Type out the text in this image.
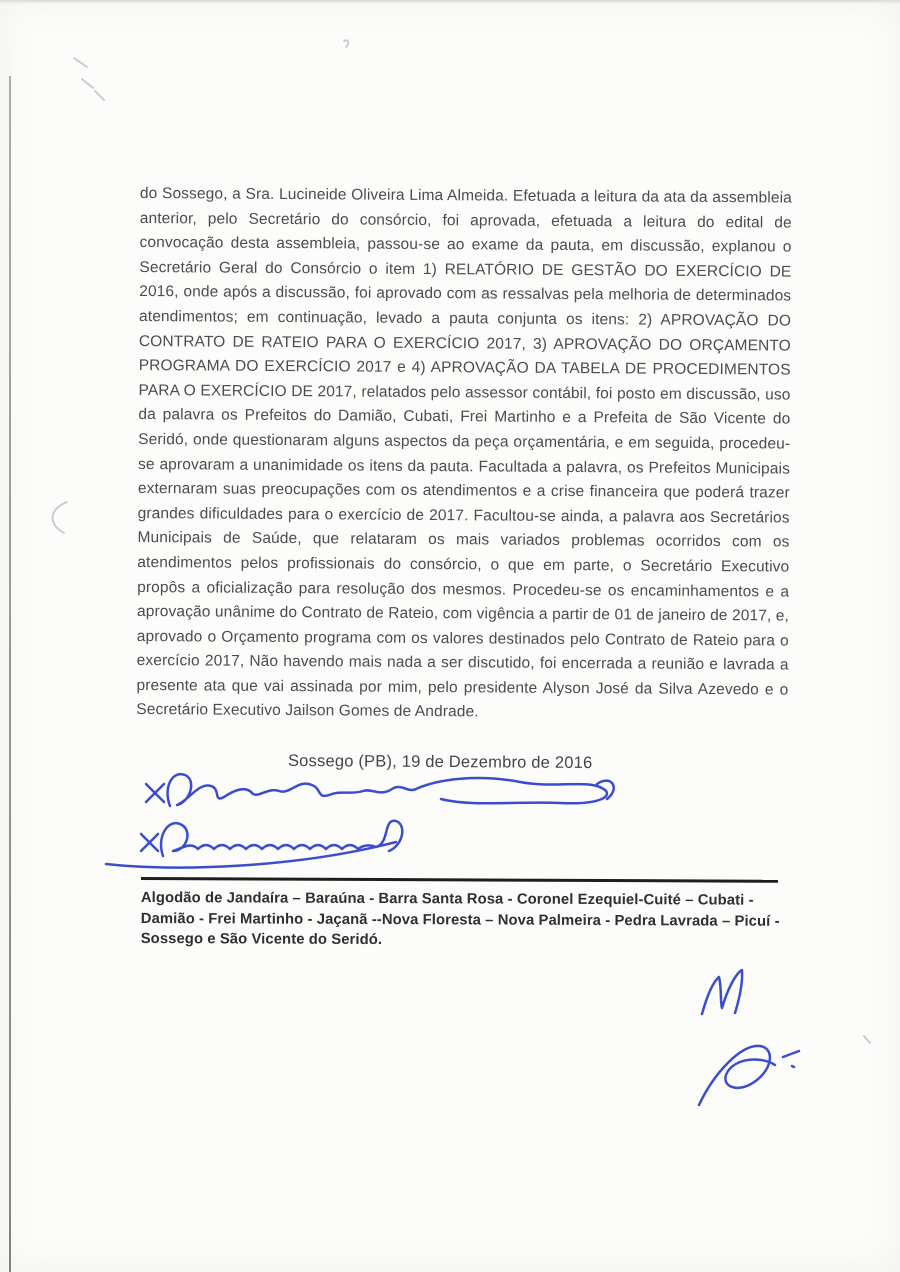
do Sossego, a Sra. Lucineide Oliveira Lima Almeida. Efetuada a leitura da ata da assembleia anterior, pelo Secretário do consórcio, foi aprovada, efetuada a leitura do edital de convocação desta assembleia, passou-se ao exame da pauta, em discussão, explanou o Secretário Geral do Consórcio o item 1) RELATÓRIO DE GESTÃO DO EXERCÍCIO DE 2016, onde após a discussão, foi aprovado com as ressalvas pela melhoria de determinados atendimentos; em continuação, levado a pauta conjunta os itens: 2) APROVAÇÃO DO CONTRATO DE RATEIO PARA O EXERCÍCIO 2017, 3) APROVAÇÃO DO ORÇAMENTO PROGRAMA DO EXERCÍCIO 2017 e 4) APROVAÇÃO DA TABELA DE PROCEDIMENTOS PARA O EXERCÍCIO DE 2017, relatados pelo assessor contábil, foi posto em discussão, uso da palavra os Prefeitos do Damião, Cubati, Frei Martinho e a Prefeita de São Vicente do Seridó, onde questionaram alguns aspectos da peça orçamentária, e em seguida, procedeu-se aprovaram a unanimidade os itens da pauta. Facultada a palavra, os Prefeitos Municipais externaram suas preocupações com os atendimentos e a crise financeira que poderá trazer grandes dificuldades para o exercício de 2017. Facultou-se ainda, a palavra aos Secretários Municipais de Saúde, que relataram os mais variados problemas ocorridos com os atendimentos pelos profissionais do consórcio, o que em parte, o Secretário Executivo propôs a oficialização para resolução dos mesmos. Procedeu-se os encaminhamentos e a aprovação unânime do Contrato de Rateio, com vigência a partir de 01 de janeiro de 2017, e, aprovado o Orçamento programa com os valores destinados pelo Contrato de Rateio para o exercício 2017, Não havendo mais nada a ser discutido, foi encerrada a reunião e lavrada a presente ata que vai assinada por mim, pelo presidente Alyson José da Silva Azevedo e o Secretário Executivo Jailson Gomes de Andrade.

Sossego (PB), 19 de Dezembro de 2016
Algodão de Jandaíra – Baraúna - Barra Santa Rosa - Coronel Ezequiel-Cuité – Cubati - Damião - Frei Martinho - Jaçanã --Nova Floresta – Nova Palmeira - Pedra Lavrada – Picuí - Sossego e São Vicente do Seridó.
